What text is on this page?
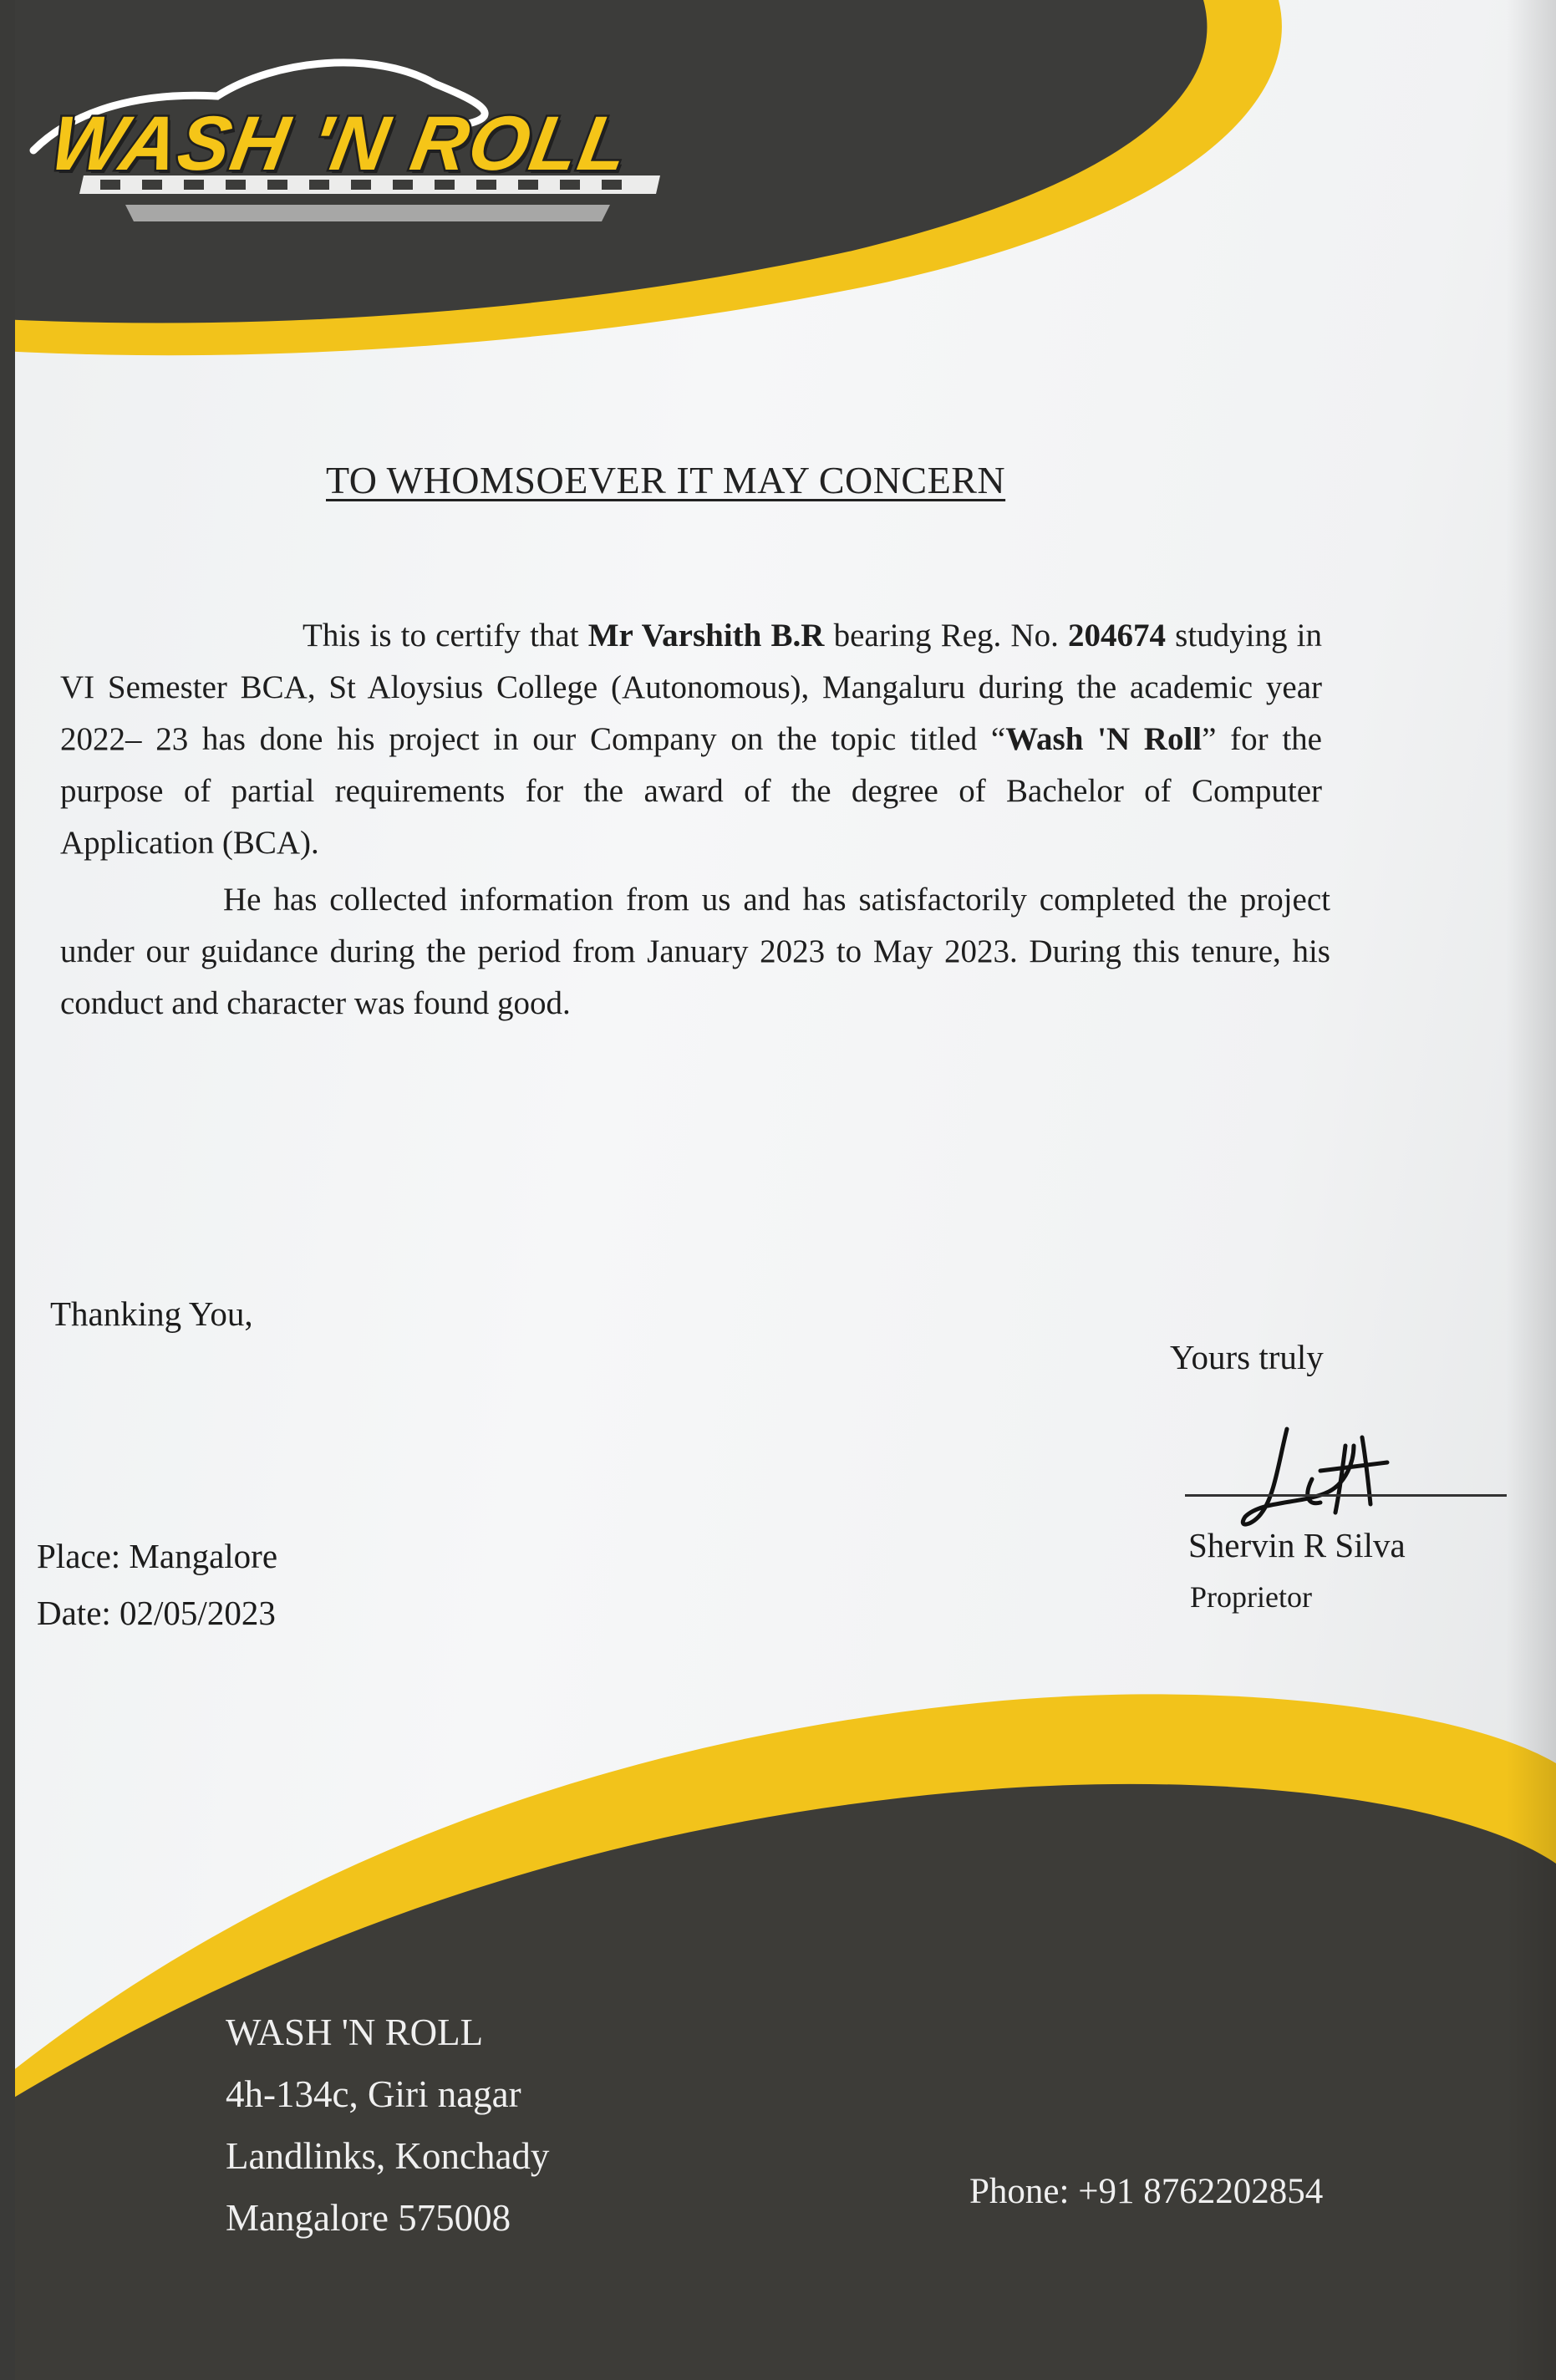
WASH 'N ROLL
TO WHOMSOEVER IT MAY CONCERN
This is to certify that Mr Varshith B.R bearing Reg. No. 204674 studying in VI Semester BCA, St Aloysius College (Autonomous), Mangaluru during the academic year 2022– 23 has done his project in our Company on the topic titled “Wash 'N Roll” for the purpose of partial requirements for the award of the degree of Bachelor of Computer Application (BCA).
He has collected information from us and has satisfactorily completed the project under our guidance during the period from January 2023 to May 2023. During this tenure, his conduct and character was found good.
Thanking You,
Yours truly
Shervin R Silva
Proprietor
Place: Mangalore
Date: 02/05/2023
WASH 'N ROLL
4h-134c, Giri nagar
Landlinks, Konchady
Mangalore 575008
Phone: +91 8762202854
